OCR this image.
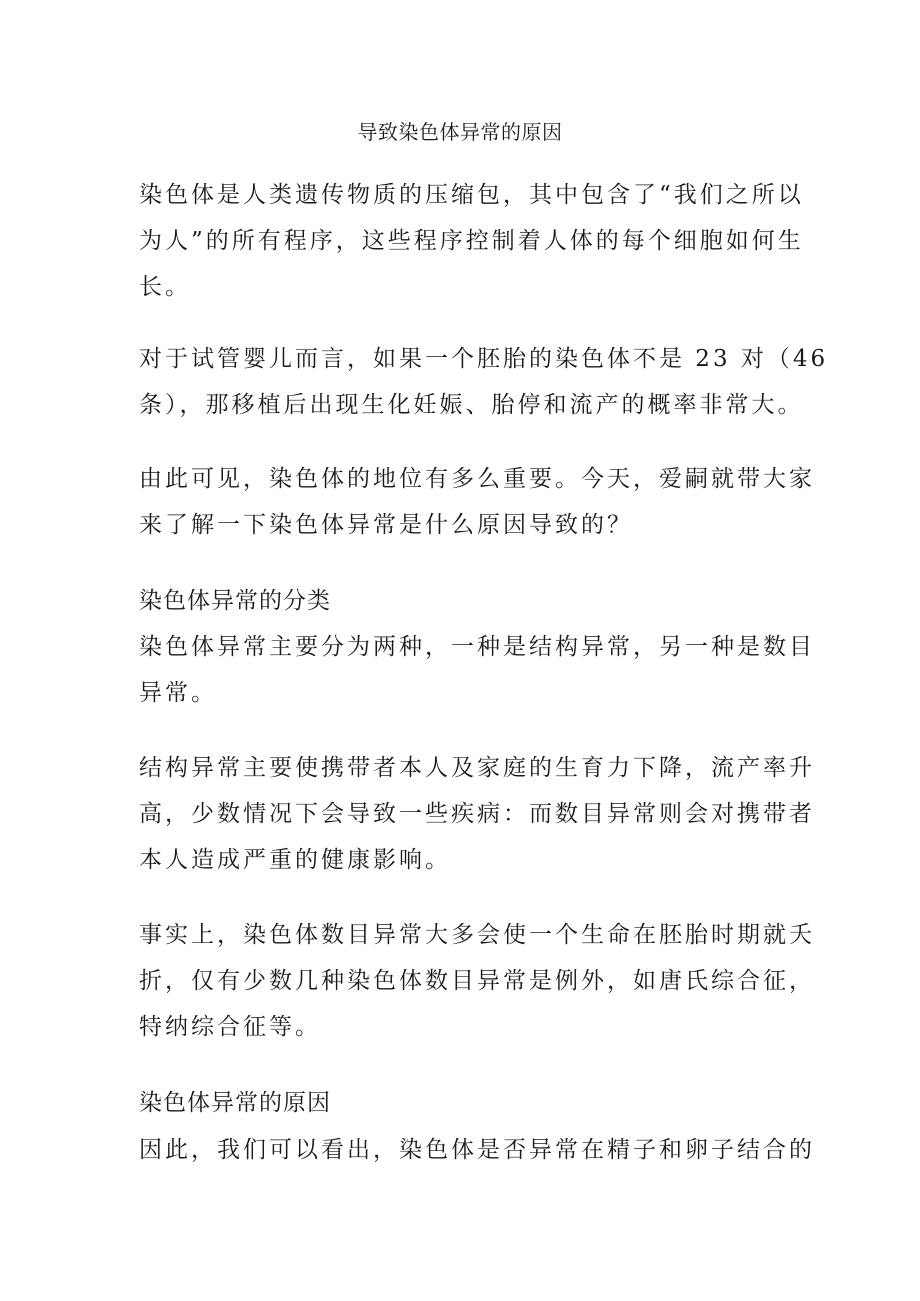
导致染色体异常的原因

染色体是人类遗传物质的压缩包，其中包含了“我们之所以
为人”的所有程序，这些程序控制着人体的每个细胞如何生
长。

对于试管婴儿而言，如果一个胚胎的染色体不是 23 对（46
条），那移植后出现生化妊娠、胎停和流产的概率非常大。

由此可见，染色体的地位有多么重要。今天，爱嗣就带大家
来了解一下染色体异常是什么原因导致的？

染色体异常的分类

染色体异常主要分为两种，一种是结构异常，另一种是数目
异常。

结构异常主要使携带者本人及家庭的生育力下降，流产率升
高，少数情况下会导致一些疾病：而数目异常则会对携带者
本人造成严重的健康影响。

事实上，染色体数目异常大多会使一个生命在胚胎时期就夭
折，仅有少数几种染色体数目异常是例外，如唐氏综合征，
特纳综合征等。

染色体异常的原因

因此，我们可以看出，染色体是否异常在精子和卵子结合的
